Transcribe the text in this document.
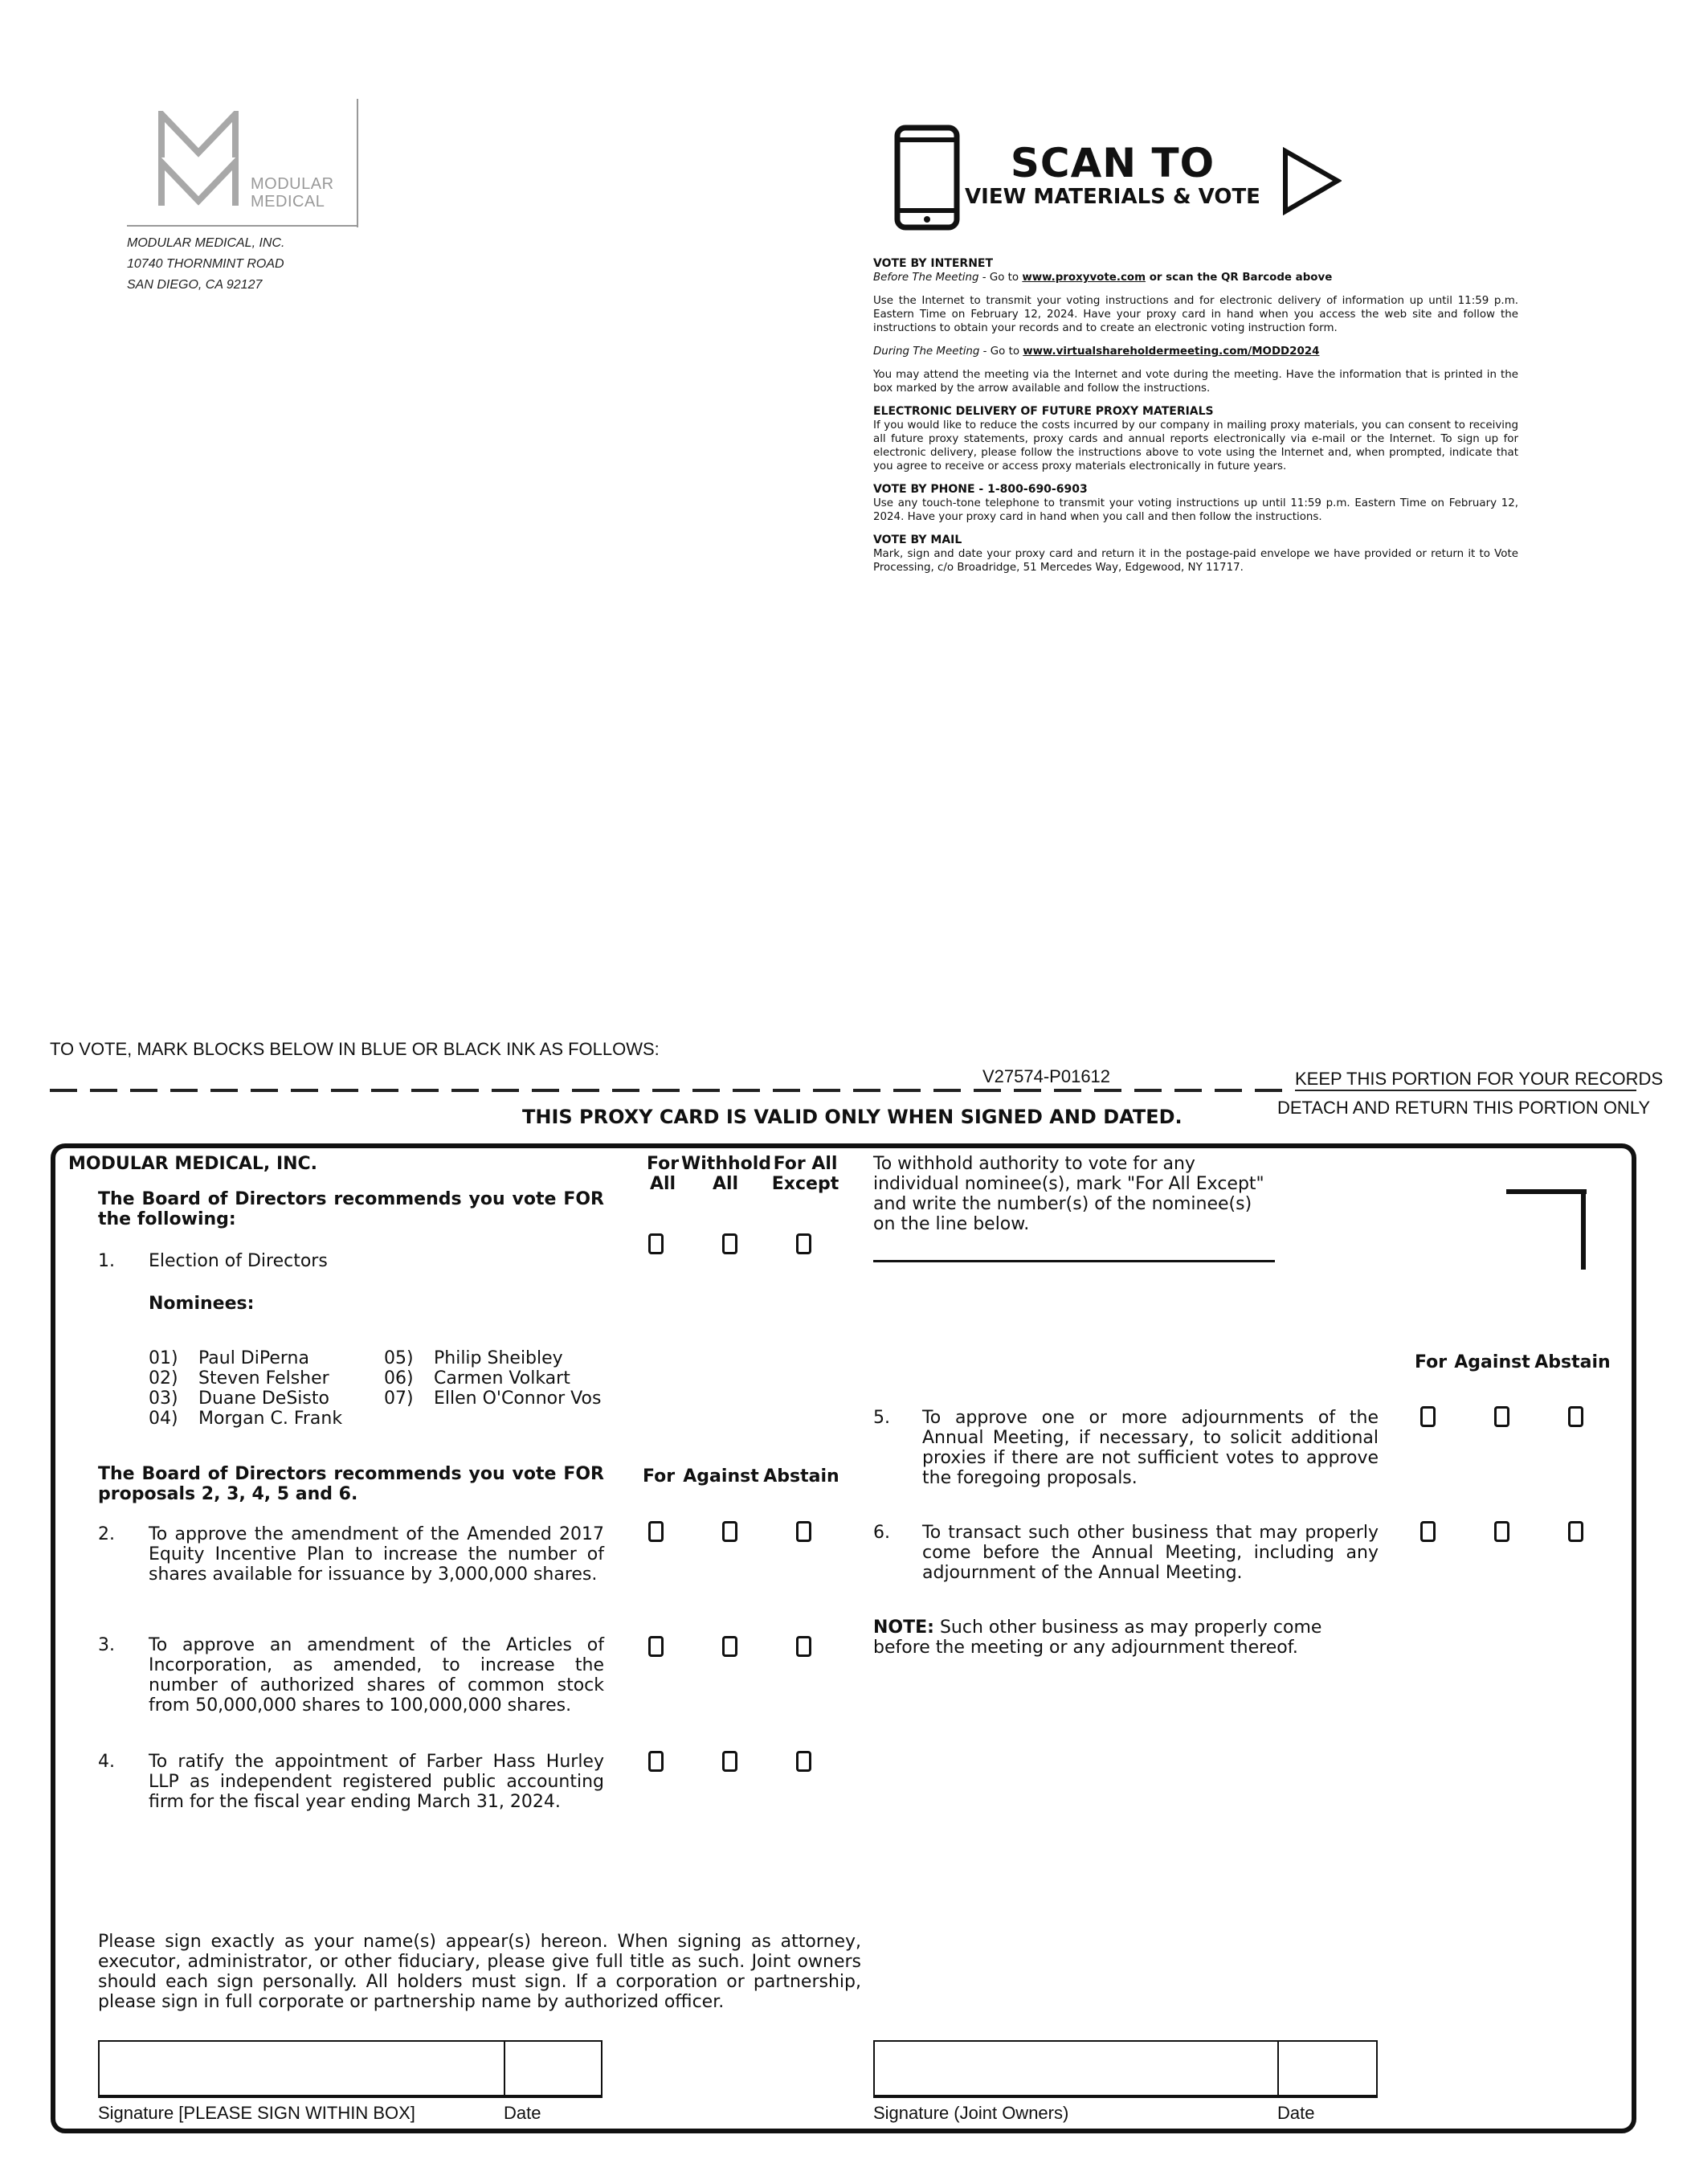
MODULAR
MEDICAL
MODULAR MEDICAL, INC.
10740 THORNMINT ROAD
SAN DIEGO, CA 92127
SCAN TO
VIEW MATERIALS & VOTE

VOTE BY INTERNET

Before The Meeting - Go to www.proxyvote.com or scan the QR Barcode above

Use the Internet to transmit your voting instructions and for electronic delivery of information up until 11:59 p.m. Eastern Time on February 12, 2024. Have your proxy card in hand when you access the web site and follow the instructions to obtain your records and to create an electronic voting instruction form.

During The Meeting - Go to www.virtualshareholdermeeting.com/MODD2024

You may attend the meeting via the Internet and vote during the meeting. Have the information that is printed in the box marked by the arrow available and follow the instructions.

ELECTRONIC DELIVERY OF FUTURE PROXY MATERIALS

If you would like to reduce the costs incurred by our company in mailing proxy materials, you can consent to receiving all future proxy statements, proxy cards and annual reports electronically via e-mail or the Internet. To sign up for electronic delivery, please follow the instructions above to vote using the Internet and, when prompted, indicate that you agree to receive or access proxy materials electronically in future years.

VOTE BY PHONE - 1-800-690-6903

Use any touch-tone telephone to transmit your voting instructions up until 11:59 p.m. Eastern Time on February 12, 2024. Have your proxy card in hand when you call and then follow the instructions.

VOTE BY MAIL

Mark, sign and date your proxy card and return it in the postage-paid envelope we have provided or return it to Vote Processing, c/o Broadridge, 51 Mercedes Way, Edgewood, NY 11717.

TO VOTE, MARK BLOCKS BELOW IN BLUE OR BLACK INK AS FOLLOWS:
V27574-P01612	KEEP THIS PORTION FOR YOUR RECORDS
DETACH AND RETURN THIS PORTION ONLY
THIS PROXY CARD IS VALID ONLY WHEN SIGNED AND DATED.
MODULAR MEDICAL, INC.
The Board of Directors recommends you vote FOR the following:
For All
Withhold All
For All Except
To withhold authority to vote for any individual nominee(s), mark "For All Except" and write the number(s) of the nominee(s) on the line below.
1. Election of Directors
Nominees:
01) Paul DiPerna
02) Steven Felsher
03) Duane DeSisto
04) Morgan C. Frank
05) Philip Sheibley
06) Carmen Volkart
07) Ellen O'Connor Vos
The Board of Directors recommends you vote FOR proposals 2, 3, 4, 5 and 6.
For Against Abstain
For Against Abstain
2. To approve the amendment of the Amended 2017 Equity Incentive Plan to increase the number of shares available for issuance by 3,000,000 shares.
3. To approve an amendment of the Articles of Incorporation, as amended, to increase the number of authorized shares of common stock from 50,000,000 shares to 100,000,000 shares.
4. To ratify the appointment of Farber Hass Hurley LLP as independent registered public accounting firm for the fiscal year ending March 31, 2024.
5. To approve one or more adjournments of the Annual Meeting, if necessary, to solicit additional proxies if there are not sufficient votes to approve the foregoing proposals.
6. To transact such other business that may properly come before the Annual Meeting, including any adjournment of the Annual Meeting.
NOTE: Such other business as may properly come before the meeting or any adjournment thereof.
Please sign exactly as your name(s) appear(s) hereon. When signing as attorney, executor, administrator, or other fiduciary, please give full title as such. Joint owners should each sign personally. All holders must sign. If a corporation or partnership, please sign in full corporate or partnership name by authorized officer.
Signature [PLEASE SIGN WITHIN BOX]	Date	Signature (Joint Owners)	Date
